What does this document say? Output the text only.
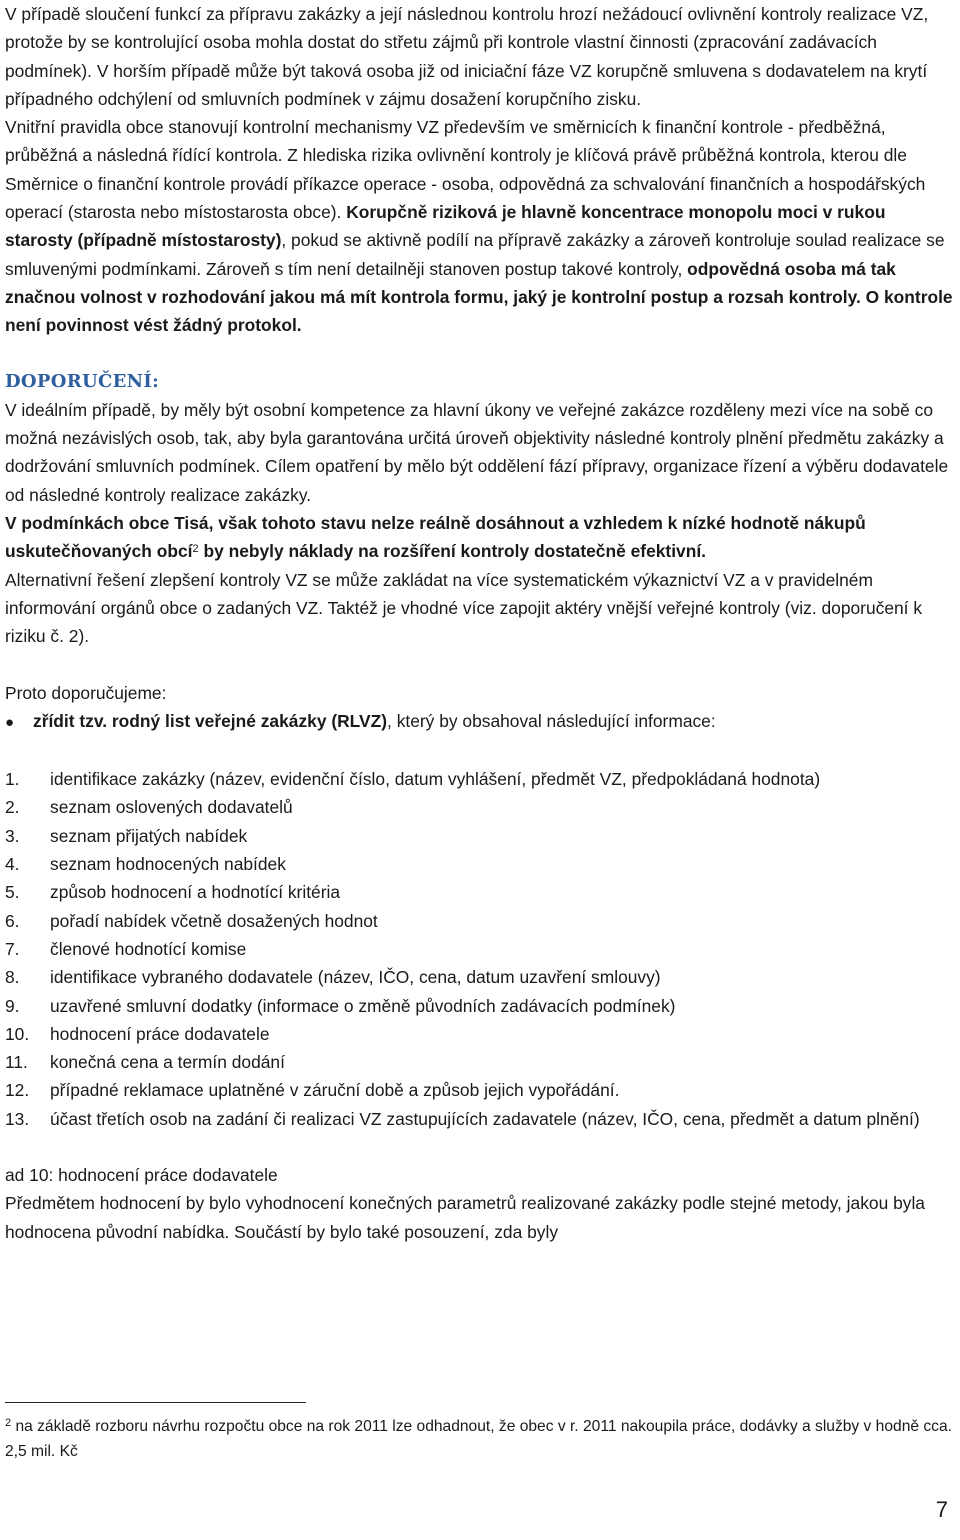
V případě sloučení funkcí za přípravu zakázky a její následnou kontrolu hrozí nežádoucí ovlivnění kontroly realizace VZ, protože by se kontrolující osoba mohla dostat do střetu zájmů při kontrole vlastní činnosti (zpracování zadávacích podmínek). V horším případě může být taková osoba již od iniciační fáze VZ korupčně smluvena s dodavatelem na krytí případného odchýlení od smluvních podmínek v zájmu dosažení korupčního zisku.

Vnitřní pravidla obce stanovují kontrolní mechanismy VZ především ve směrnicích k finanční kontrole - předběžná, průběžná a následná řídící kontrola. Z hlediska rizika ovlivnění kontroly je klíčová právě průběžná kontrola, kterou dle Směrnice o finanční kontrole provádí příkazce operace - osoba, odpovědná za schvalování finančních a hospodářských operací (starosta nebo místostarosta obce). Korupčně riziková je hlavně koncentrace monopolu moci v rukou starosty (případně místostarosty), pokud se aktivně podílí na přípravě zakázky a zároveň kontroluje soulad realizace se smluvenými podmínkami. Zároveň s tím není detailněji stanoven postup takové kontroly, odpovědná osoba má tak značnou volnost v rozhodování jakou má mít kontrola formu, jaký je kontrolní postup a rozsah kontroly. O kontrole není povinnost vést žádný protokol.

DOPORUČENÍ:

V ideálním případě, by měly být osobní kompetence za hlavní úkony ve veřejné zakázce rozděleny mezi více na sobě co možná nezávislých osob, tak, aby byla garantována určitá úroveň objektivity následné kontroly plnění předmětu zakázky a dodržování smluvních podmínek. Cílem opatření by mělo být oddělení fází přípravy, organizace řízení a výběru dodavatele od následné kontroly realizace zakázky.

V podmínkách obce Tisá, však tohoto stavu nelze reálně dosáhnout a vzhledem k nízké hodnotě nákupů uskutečňovaných obcí$^2$ by nebyly náklady na rozšíření kontroly dostatečně efektivní.

Alternativní řešení zlepšení kontroly VZ se může zakládat na více systematickém výkaznictví VZ a v pravidelném informování orgánů obce o zadaných VZ. Taktéž je vhodné více zapojit aktéry vnější veřejné kontroly (viz. doporučení k riziku č. 2).

Proto doporučujeme:

●	zřídit tzv. rodný list veřejné zakázky (RLVZ), který by obsahoval následující informace:
1.	identifikace zakázky (název, evidenční číslo, datum vyhlášení, předmět VZ, předpokládaná hodnota)
2.	seznam oslovených dodavatelů
3.	seznam přijatých nabídek
4.	seznam hodnocených nabídek
5.	způsob hodnocení a hodnotící kritéria
6.	pořadí nabídek včetně dosažených hodnot
7.	členové hodnotící komise
8.	identifikace vybraného dodavatele (název, IČO, cena, datum uzavření smlouvy)
9.	uzavřené smluvní dodatky (informace o změně původních zadávacích podmínek)
10.	hodnocení práce dodavatele
11.	konečná cena a termín dodání
12.	případné reklamace uplatněné v záruční době a způsob jejich vypořádání.
13.	účast třetích osob na zadání či realizaci VZ zastupujících zadavatele (název, IČO, cena, předmět a datum plnění)

ad 10: hodnocení práce dodavatele

Předmětem hodnocení by bylo vyhodnocení konečných parametrů realizované zakázky podle stejné metody, jakou byla hodnocena původní nabídka. Součástí by bylo také posouzení, zda byly

$^2$ na základě rozboru návrhu rozpočtu obce na rok 2011 lze odhadnout, že obec v r. 2011 nakoupila práce, dodávky a služby v hodně cca. 2,5 mil. Kč
7
